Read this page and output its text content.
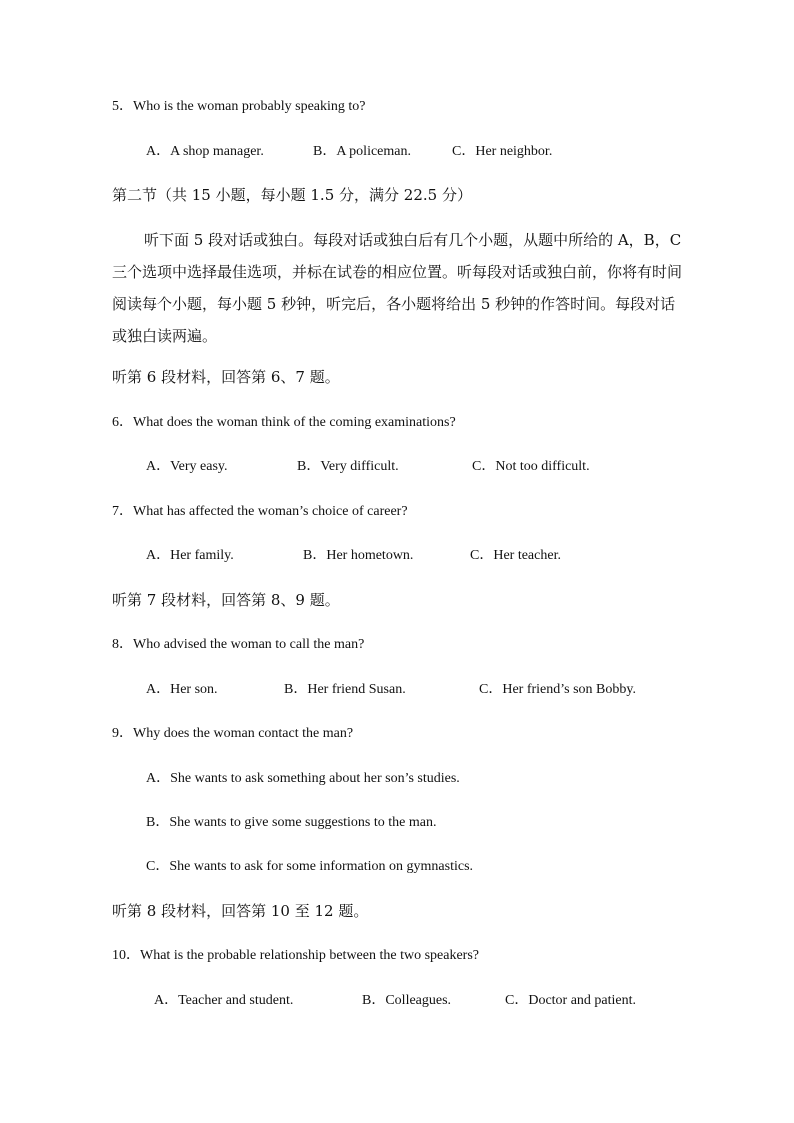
5．Who is the woman probably speaking to?
A．A shop manager.	B．A policeman.	C．Her neighbor.
第二节（共 15 小题，每小题 1.5 分，满分 22.5 分）
听下面 5 段对话或独白。每段对话或独白后有几个小题，从题中所给的 A，B，C 三个选项中选择最佳选项，并标在试卷的相应位置。听每段对话或独白前，你将有时间阅读每个小题，每小题 5 秒钟，听完后，各小题将给出 5 秒钟的作答时间。每段对话或独白读两遍。
听第 6 段材料，回答第 6、7 题。
6．What does the woman think of the coming examinations?
A．Very easy.	B．Very difficult.	C．Not too difficult.
7．What has affected the woman’s choice of career?
A．Her family.	B．Her hometown.	C．Her teacher.
听第 7 段材料，回答第 8、9 题。
8．Who advised the woman to call the man?
A．Her son.	B．Her friend Susan.	C．Her friend’s son Bobby.
9．Why does the woman contact the man?
A．She wants to ask something about her son’s studies.
B．She wants to give some suggestions to the man.
C．She wants to ask for some information on gymnastics.
听第 8 段材料，回答第 10 至 12 题。
10．What is the probable relationship between the two speakers?
A．Teacher and student.	B．Colleagues.	C．Doctor and patient.
